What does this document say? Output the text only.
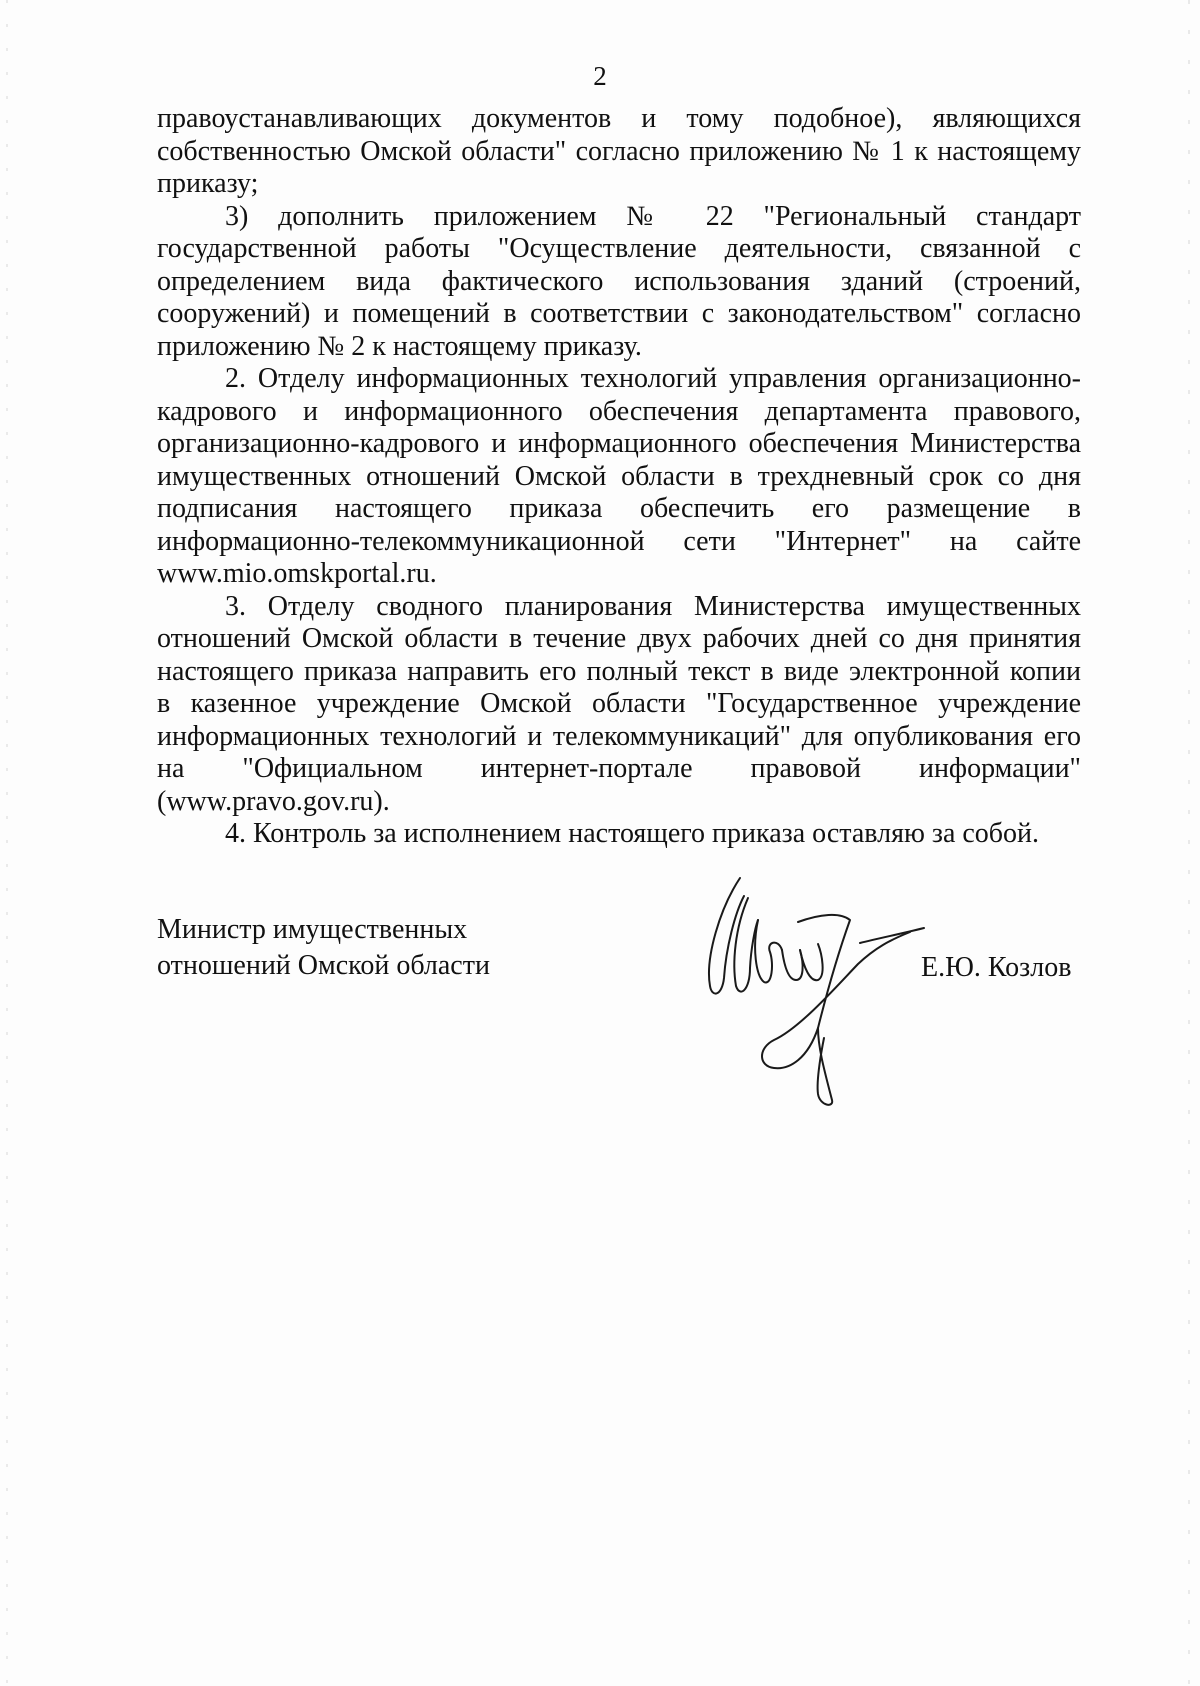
2

правоустанавливающих документов и тому подобное), являющихся
собственностью Омской области" согласно приложению № 1 к настоящему
приказу;

3) дополнить приложением № 22 "Региональный стандарт
государственной работы "Осуществление деятельности, связанной с
определением вида фактического использования зданий (строений,
сооружений) и помещений в соответствии с законодательством" согласно
приложению № 2 к настоящему приказу.

2. Отделу информационных технологий управления организационно-
кадрового и информационного обеспечения департамента правового,
организационно-кадрового и информационного обеспечения Министерства
имущественных отношений Омской области в трехдневный срок со дня
подписания настоящего приказа обеспечить его размещение в
информационно-телекоммуникационной сети "Интернет" на сайте
www.mio.omskportal.ru.

3. Отделу сводного планирования Министерства имущественных
отношений Омской области в течение двух рабочих дней со дня принятия
настоящего приказа направить его полный текст в виде электронной копии
в казенное учреждение Омской области "Государственное учреждение
информационных технологий и телекоммуникаций" для опубликования его
на "Официальном интернет-портале правовой информации"
(www.pravo.gov.ru).

4. Контроль за исполнением настоящего приказа оставляю за собой.

Министр имущественных
отношений Омской области	Е.Ю. Козлов
